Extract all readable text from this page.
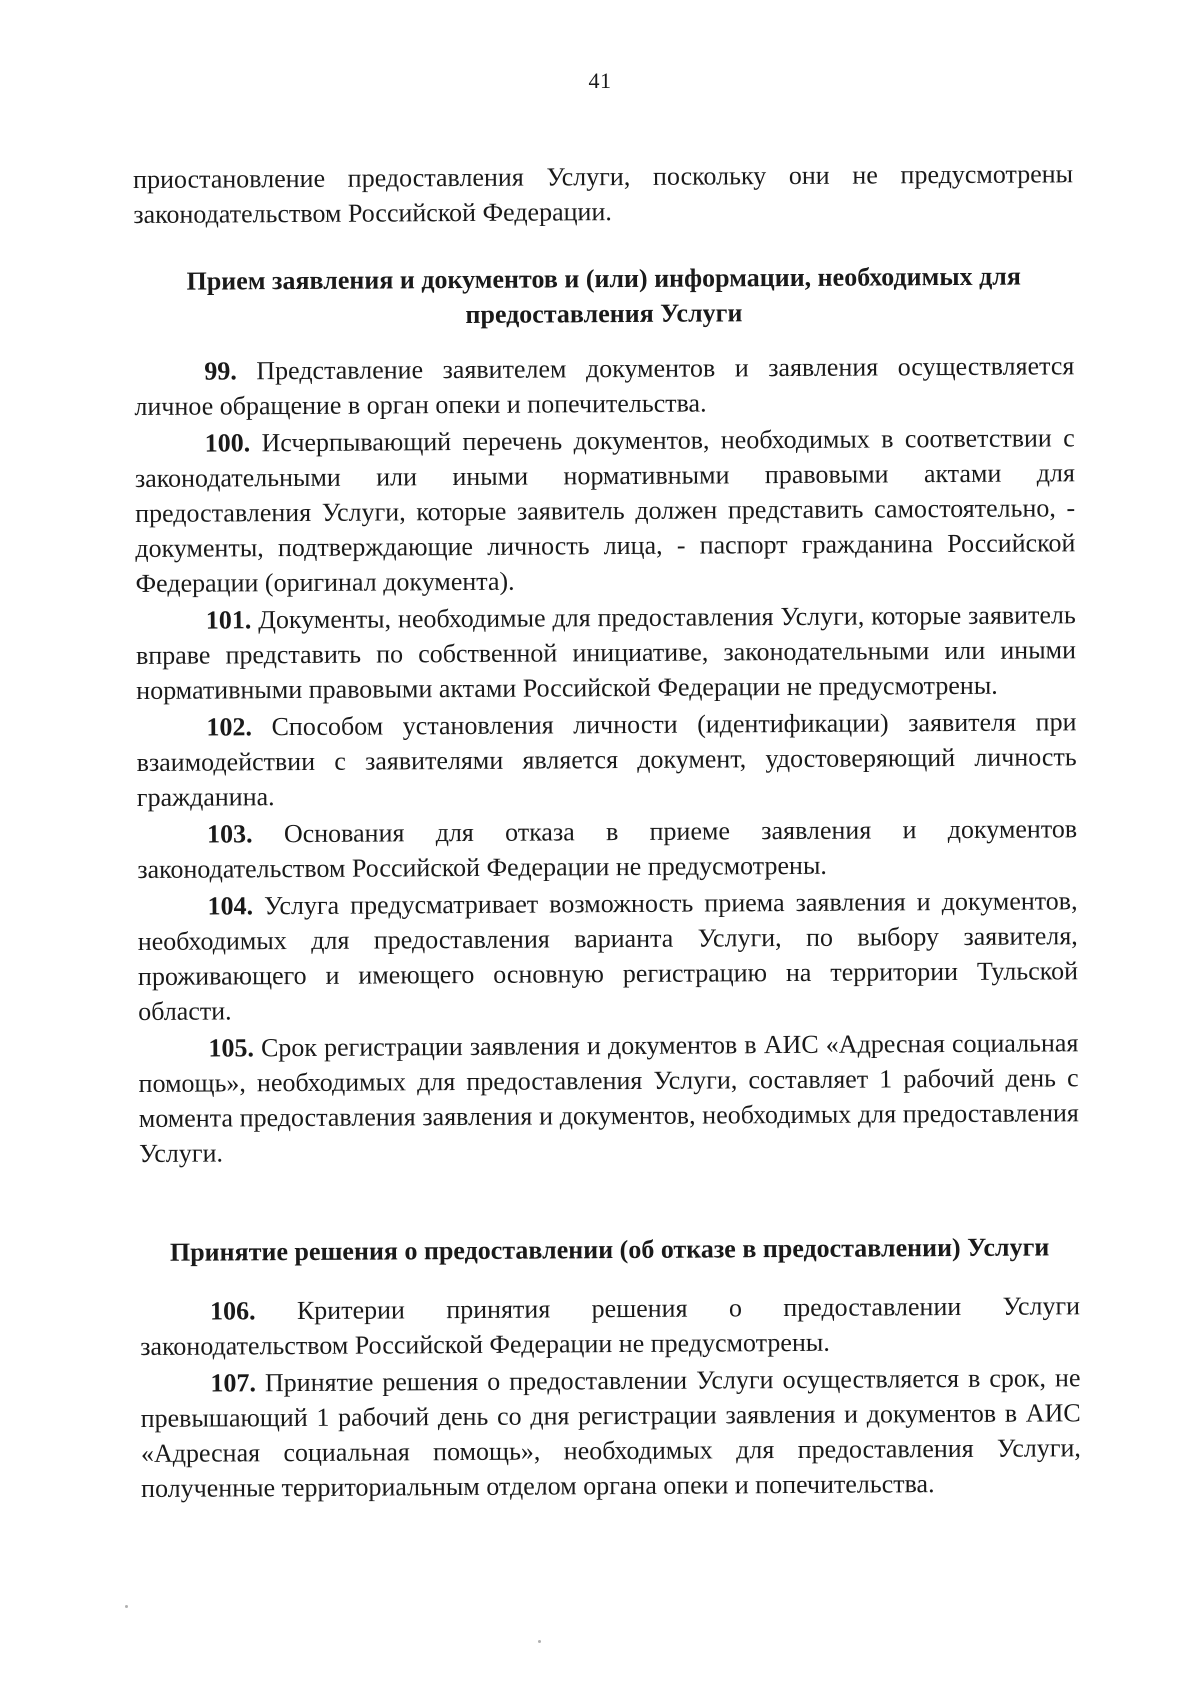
41

приостановление предоставления Услуги, поскольку они не предусмотрены законодательством Российской Федерации.

Прием заявления и документов и (или) информации, необходимых для предоставления Услуги

99. Представление заявителем документов и заявления осуществляется личное обращение в орган опеки и попечительства.

100. Исчерпывающий перечень документов, необходимых в соответствии с законодательными или иными нормативными правовыми актами для предоставления Услуги, которые заявитель должен представить самостоятельно, - документы, подтверждающие личность лица, - паспорт гражданина Российской Федерации (оригинал документа).

101. Документы, необходимые для предоставления Услуги, которые заявитель вправе представить по собственной инициативе, законодательными или иными нормативными правовыми актами Российской Федерации не предусмотрены.

102. Способом установления личности (идентификации) заявителя при взаимодействии с заявителями является документ, удостоверяющий личность гражданина.

103. Основания для отказа в приеме заявления и документов законодательством Российской Федерации не предусмотрены.

104. Услуга предусматривает возможность приема заявления и документов, необходимых для предоставления варианта Услуги, по выбору заявителя, проживающего и имеющего основную регистрацию на территории Тульской области.

105. Срок регистрации заявления и документов в АИС «Адресная социальная помощь», необходимых для предоставления Услуги, составляет 1 рабочий день с момента предоставления заявления и документов, необходимых для предоставления Услуги.

Принятие решения о предоставлении (об отказе в предоставлении) Услуги

106. Критерии принятия решения о предоставлении Услуги законодательством Российской Федерации не предусмотрены.

107. Принятие решения о предоставлении Услуги осуществляется в срок, не превышающий 1 рабочий день со дня регистрации заявления и документов в АИС «Адресная социальная помощь», необходимых для предоставления Услуги, полученные территориальным отделом органа опеки и попечительства.
